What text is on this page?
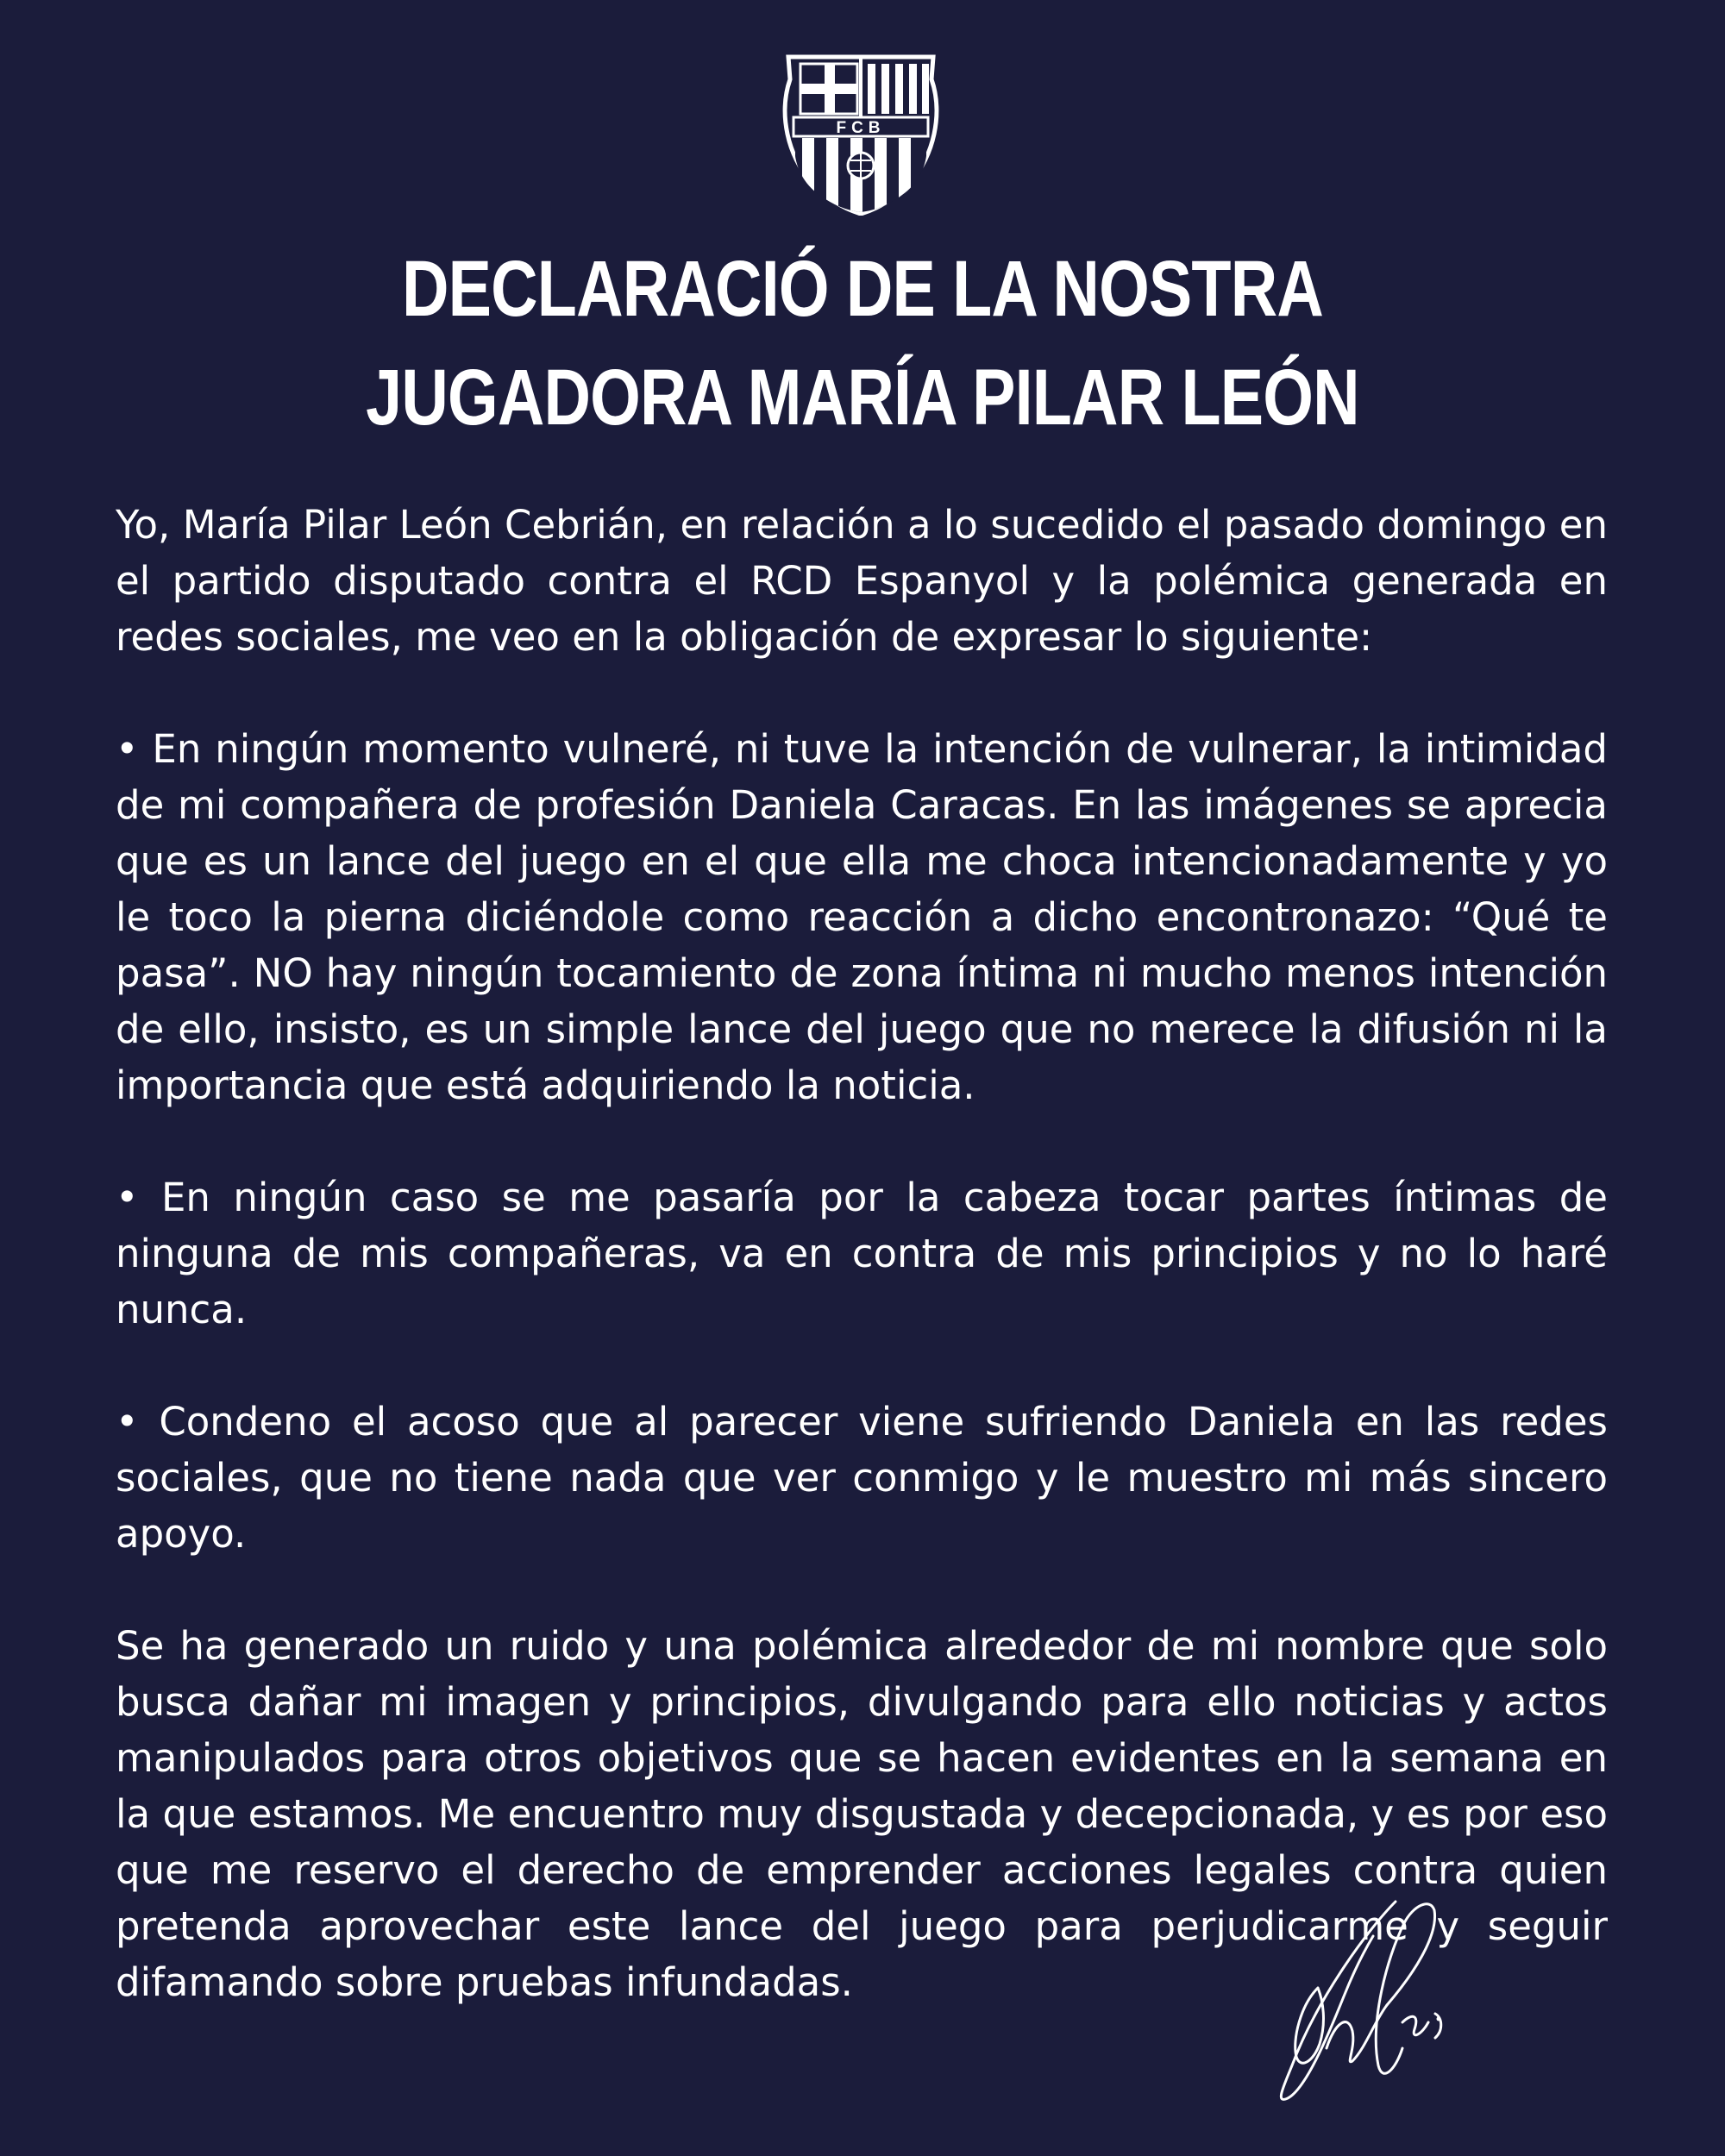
FCB
DECLARACIÓ DE LA NOSTRA
JUGADORA MARÍA PILAR LEÓN

Yo, María Pilar León Cebrián, en relación a lo sucedido el pasado domingo en el partido disputado contra el RCD Espanyol y la polémica generada en redes sociales, me veo en la obligación de expresar lo siguiente:

• En ningún momento vulneré, ni tuve la intención de vulnerar, la intimidad de mi compañera de profesión Daniela Caracas. En las imágenes se aprecia que es un lance del juego en el que ella me choca intencionadamente y yo le toco la pierna diciéndole como reacción a dicho encontronazo: “Qué te pasa”. NO hay ningún tocamiento de zona íntima ni mucho menos intención de ello, insisto, es un simple lance del juego que no merece la difusión ni la importancia que está adquiriendo la noticia.

• En ningún caso se me pasaría por la cabeza tocar partes íntimas de ninguna de mis compañeras, va en contra de mis principios y no lo haré nunca.

• Condeno el acoso que al parecer viene sufriendo Daniela en las redes sociales, que no tiene nada que ver conmigo y le muestro mi más sincero apoyo.

Se ha generado un ruido y una polémica alrededor de mi nombre que solo busca dañar mi imagen y principios, divulgando para ello noticias y actos manipulados para otros objetivos que se hacen evidentes en la semana en la que estamos. Me encuentro muy disgustada y decepcionada, y es por eso que me reservo el derecho de emprender acciones legales contra quien pretenda aprovechar este lance del juego para perjudicarme y seguir difamando sobre pruebas infundadas.
